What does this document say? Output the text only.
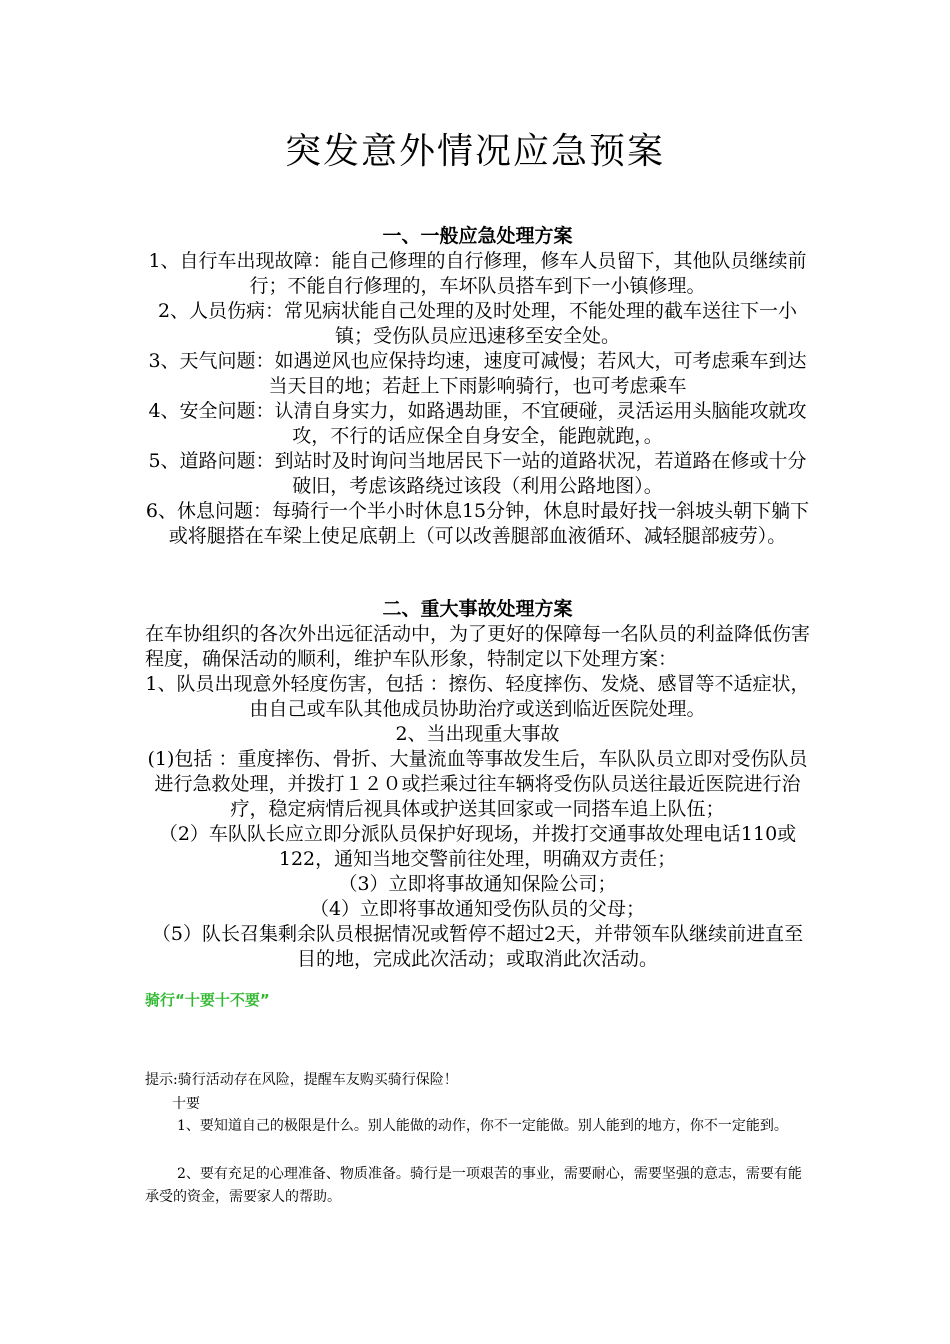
突发意外情况应急预案

一、一般应急处理方案

1、自行车出现故障：能自己修理的自行修理，修车人员留下，其他队员继续前行；不能自行修理的，车坏队员搭车到下一小镇修理。

2、人员伤病：常见病状能自己处理的及时处理，不能处理的截车送往下一小镇；受伤队员应迅速移至安全处。

3、天气问题：如遇逆风也应保持均速，速度可减慢；若风大，可考虑乘车到达当天目的地；若赶上下雨影响骑行，也可考虑乘车

4、安全问题：认清自身实力，如路遇劫匪，不宜硬碰，灵活运用头脑能攻就攻攻，不行的话应保全自身安全，能跑就跑，。

5、道路问题：到站时及时询问当地居民下一站的道路状况，若道路在修或十分破旧，考虑该路绕过该段（利用公路地图）。

6、休息问题：每骑行一个半小时休息15分钟，休息时最好找一斜坡头朝下躺下或将腿搭在车梁上使足底朝上（可以改善腿部血液循环、减轻腿部疲劳）。

二、重大事故处理方案

在车协组织的各次外出远征活动中，为了更好的保障每一名队员的利益降低伤害程度，确保活动的顺利，维护车队形象，特制定以下处理方案：

1、队员出现意外轻度伤害，包括 ：擦伤、轻度摔伤、发烧、感冒等不适症状，由自己或车队其他成员协助治疗或送到临近医院处理。

2、当出现重大事故

(1)包括 ：重度摔伤、骨折、大量流血等事故发生后，车队队员立即对受伤队员进行急救处理，并拨打１２０或拦乘过往车辆将受伤队员送往最近医院进行治疗，稳定病情后视具体或护送其回家或一同搭车追上队伍；

（2）车队队长应立即分派队员保护好现场，并拨打交通事故处理电话110或122，通知当地交警前往处理，明确双方责任；

（3）立即将事故通知保险公司；

（4）立即将事故通知受伤队员的父母；

（5）队长召集剩余队员根据情况或暂停不超过2天，并带领车队继续前进直至目的地，完成此次活动；或取消此次活动。

骑行“十要十不要”
提示:骑行活动存在风险，提醒车友购买骑行保险！
十要
1、要知道自己的极限是什么。别人能做的动作，你不一定能做。别人能到的地方，你不一定能到。
2、要有充足的心理准备、物质准备。骑行是一项艰苦的事业，需要耐心，需要坚强的意志，需要有能承受的资金，需要家人的帮助。
